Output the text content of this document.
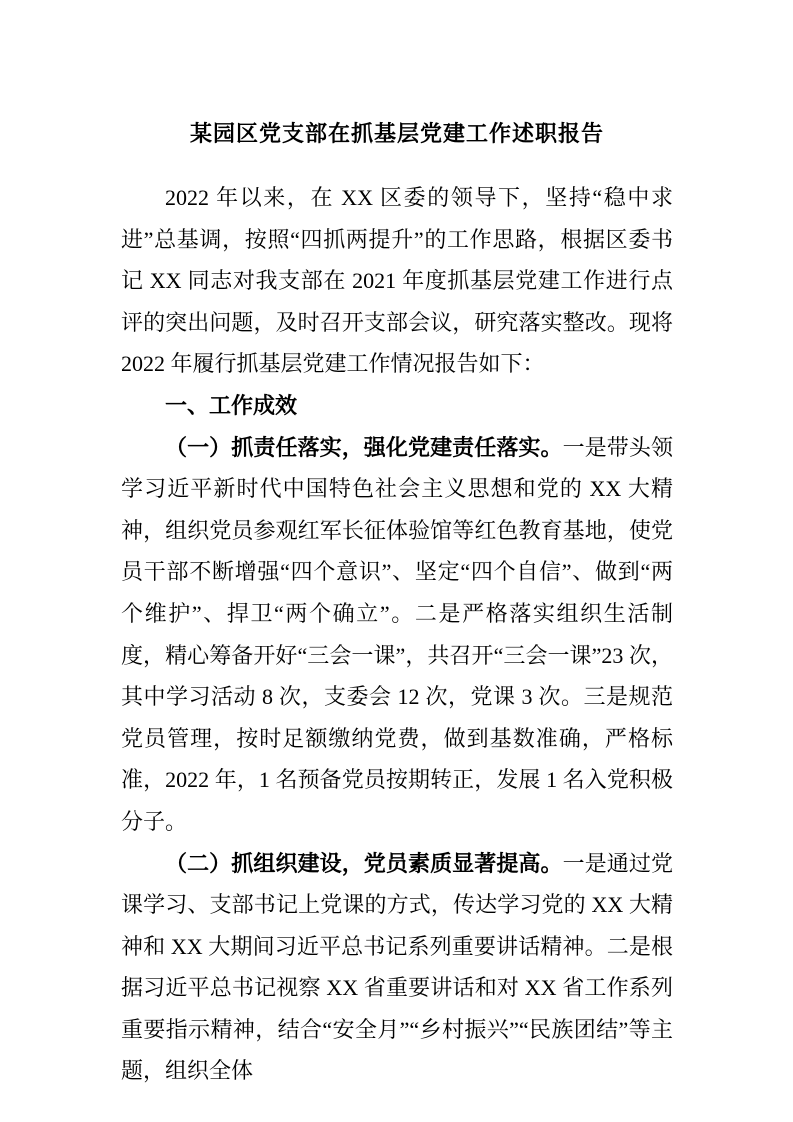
某园区党支部在抓基层党建工作述职报告

2022 年以来，在 XX 区委的领导下，坚持“稳中求进”总基调，按照“四抓两提升”的工作思路，根据区委书记 XX 同志对我支部在 2021 年度抓基层党建工作进行点评的突出问题，及时召开支部会议，研究落实整改。现将 2022 年履行抓基层党建工作情况报告如下：

一、工作成效

（一）抓责任落实，强化党建责任落实。一是带头领学习近平新时代中国特色社会主义思想和党的 XX 大精神，组织党员参观红军长征体验馆等红色教育基地，使党员干部不断增强“四个意识”、坚定“四个自信”、做到“两个维护”、捍卫“两个确立”。二是严格落实组织生活制度，精心筹备开好“三会一课”，共召开“三会一课”23 次，其中学习活动 8 次，支委会 12 次，党课 3 次。三是规范党员管理，按时足额缴纳党费，做到基数准确，严格标准，2022 年，1 名预备党员按期转正，发展 1 名入党积极分子。

（二）抓组织建设，党员素质显著提高。一是通过党课学习、支部书记上党课的方式，传达学习党的 XX 大精神和 XX 大期间习近平总书记系列重要讲话精神。二是根据习近平总书记视察 XX 省重要讲话和对 XX 省工作系列重要指示精神，结合“安全月”“乡村振兴”“民族团结”等主题，组织全体
